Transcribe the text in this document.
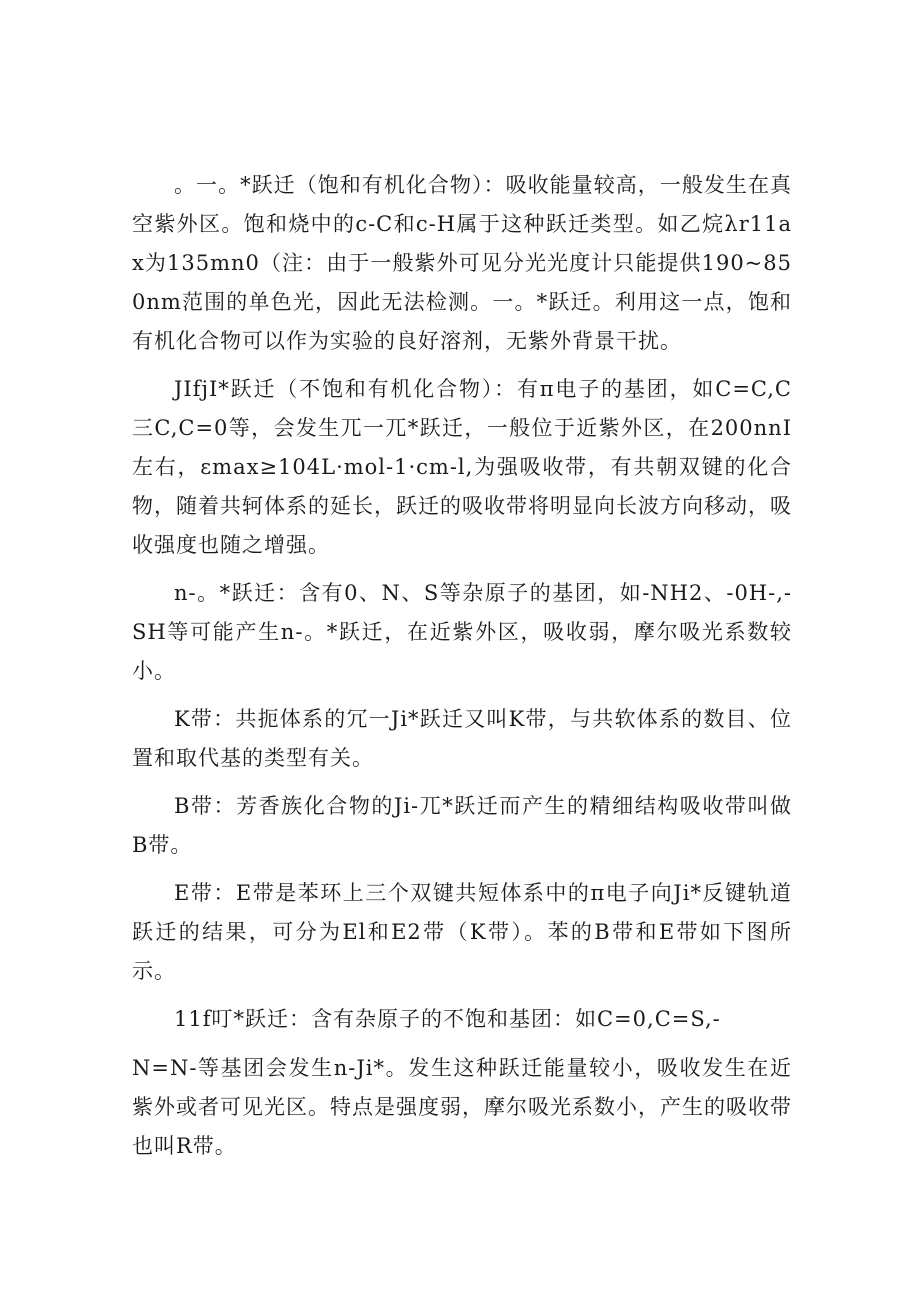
。一。*跃迁（饱和有机化合物）：吸收能量较高，一般发生在真空紫外区。饱和烧中的c-C和c-H属于这种跃迁类型。如乙烷λr11ax为135mn0（注：由于一般紫外可见分光光度计只能提供190~850nm范围的单色光，因此无法检测。一。*跃迁。利用这一点，饱和有机化合物可以作为实验的良好溶剂，无紫外背景干扰。

JIfjI*跃迁（不饱和有机化合物）：有π电子的基团，如C=C,C三C,C=0等，会发生兀一兀*跃迁，一般位于近紫外区，在200nnI左右，εmax≥104L·mol-1·cm-l,为强吸收带，有共朝双键的化合物，随着共轲体系的延长，跃迁的吸收带将明显向长波方向移动，吸收强度也随之增强。

n-。*跃迁：含有0、N、S等杂原子的基团，如-NH2、-0H-,-SH等可能产生n-。*跃迁，在近紫外区，吸收弱，摩尔吸光系数较小。

K带：共扼体系的冗一Ji*跃迁又叫K带，与共软体系的数目、位置和取代基的类型有关。

B带：芳香族化合物的Ji-兀*跃迁而产生的精细结构吸收带叫做B带。

E带：E带是苯环上三个双键共短体系中的π电子向Ji*反键轨道跃迁的结果，可分为El和E2带（K带）。苯的B带和E带如下图所示。

11f叮*跃迁：含有杂原子的不饱和基团：如C=0,C=S,-

N=N-等基团会发生n-Ji*。发生这种跃迁能量较小，吸收发生在近紫外或者可见光区。特点是强度弱，摩尔吸光系数小，产生的吸收带也叫R带。
